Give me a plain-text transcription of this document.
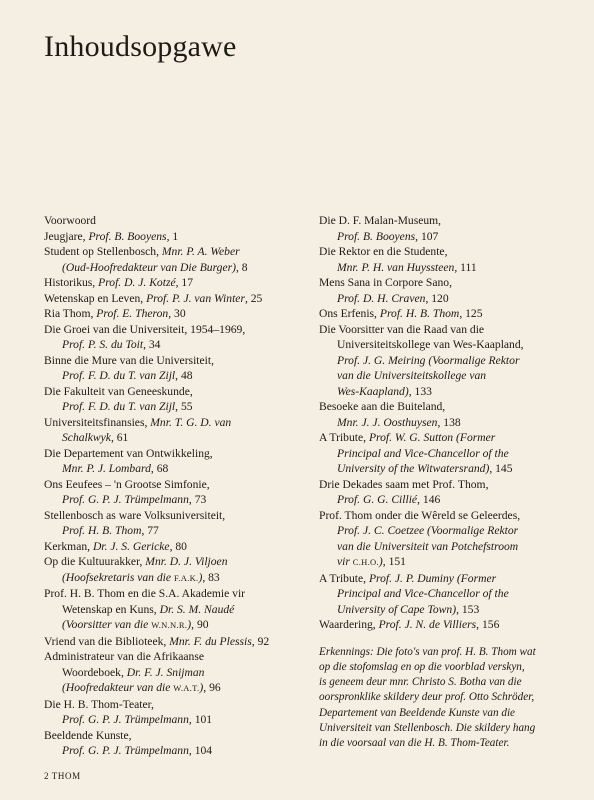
Inhoudsopgawe
Voorwoord
Jeugjare, Prof. B. Booyens, 1
Student op Stellenbosch, Mnr. P. A. Weber
(Oud-Hoofredakteur van Die Burger), 8
Historikus, Prof. D. J. Kotzé, 17
Wetenskap en Leven, Prof. P. J. van Winter, 25
Ria Thom, Prof. E. Theron, 30
Die Groei van die Universiteit, 1954–1969,
Prof. P. S. du Toit, 34
Binne die Mure van die Universiteit,
Prof. F. D. du T. van Zijl, 48
Die Fakulteit van Geneeskunde,
Prof. F. D. du T. van Zijl, 55
Universiteitsfinansies, Mnr. T. G. D. van
Schalkwyk, 61
Die Departement van Ontwikkeling,
Mnr. P. J. Lombard, 68
Ons Eeufees – 'n Grootse Simfonie,
Prof. G. P. J. Trümpelmann, 73
Stellenbosch as ware Volksuniversiteit,
Prof. H. B. Thom, 77
Kerkman, Dr. J. S. Gericke, 80
Op die Kultuurakker, Mnr. D. J. Viljoen
(Hoofsekretaris van die F.A.K.), 83
Prof. H. B. Thom en die S.A. Akademie vir
Wetenskap en Kuns, Dr. S. M. Naudé
(Voorsitter van die W.N.N.R.), 90
Vriend van die Biblioteek, Mnr. F. du Plessis, 92
Administrateur van die Afrikaanse
Woordeboek, Dr. F. J. Snijman
(Hoofredakteur van die W.A.T.), 96
Die H. B. Thom-Teater,
Prof. G. P. J. Trümpelmann, 101
Beeldende Kunste,
Prof. G. P. J. Trümpelmann, 104
Die D. F. Malan-Museum,
Prof. B. Booyens, 107
Die Rektor en die Studente,
Mnr. P. H. van Huyssteen, 111
Mens Sana in Corpore Sano,
Prof. D. H. Craven, 120
Ons Erfenis, Prof. H. B. Thom, 125
Die Voorsitter van die Raad van die
Universiteitskollege van Wes-Kaapland,
Prof. J. G. Meiring (Voormalige Rektor
van die Universiteitskollege van
Wes-Kaapland), 133
Besoeke aan die Buiteland,
Mnr. J. J. Oosthuysen, 138
A Tribute, Prof. W. G. Sutton (Former
Principal and Vice-Chancellor of the
University of the Witwatersrand), 145
Drie Dekades saam met Prof. Thom,
Prof. G. G. Cillié, 146
Prof. Thom onder die Wêreld se Geleerdes,
Prof. J. C. Coetzee (Voormalige Rektor
van die Universiteit van Potchefstroom
vir C.H.O.), 151
A Tribute, Prof. J. P. Duminy (Former
Principal and Vice-Chancellor of the
University of Cape Town), 153
Waardering, Prof. J. N. de Villiers, 156
Erkennings: Die foto's van prof. H. B. Thom wat
op die stofomslag en op die voorblad verskyn,
is geneem deur mnr. Christo S. Botha van die
oorspronklike skildery deur prof. Otto Schröder,
Departement van Beeldende Kunste van die
Universiteit van Stellenbosch. Die skildery hang
in die voorsaal van die H. B. Thom-Teater.
2 THOM
